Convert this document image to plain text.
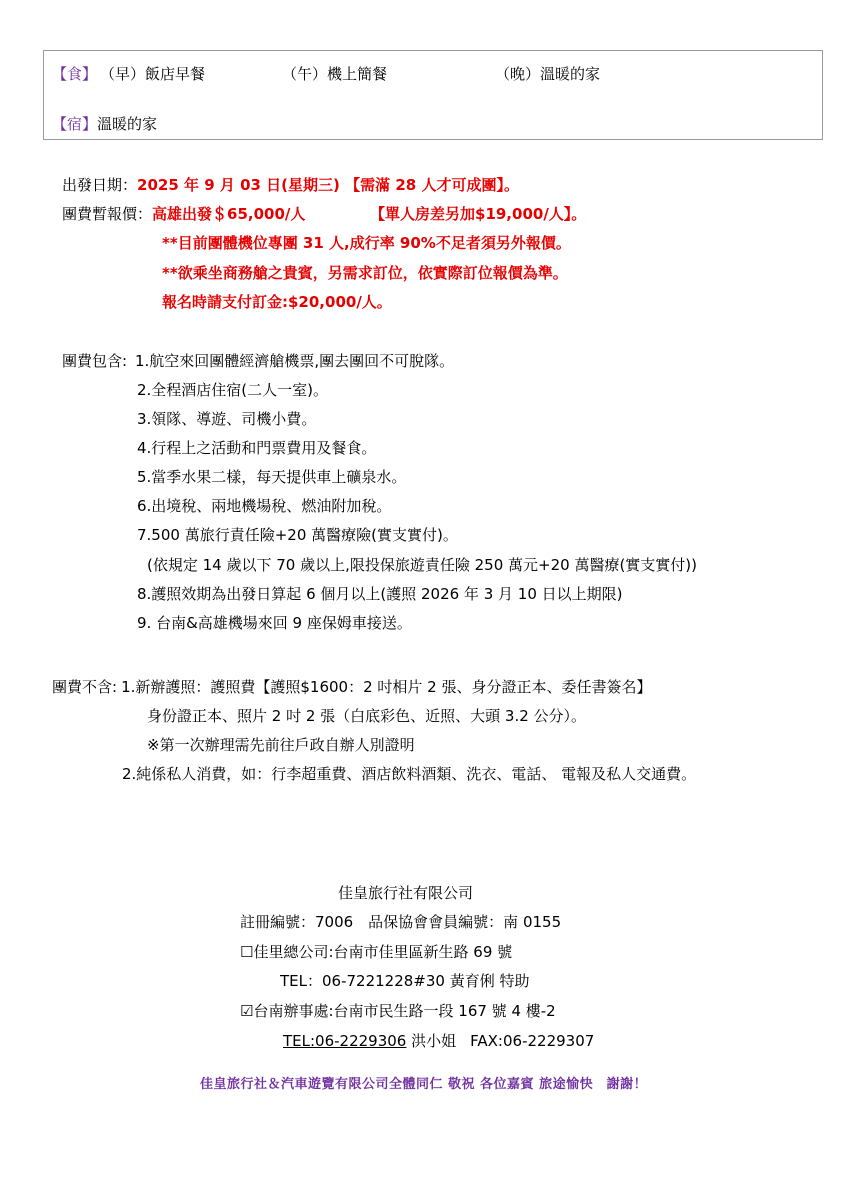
【食】 （早）飯店早餐	（午）機上簡餐	（晚）溫暖的家
【宿】溫暖的家
出發日期：2025 年 9 月 03 日(星期三) 【需滿 28 人才可成團】。
團費暫報價：高雄出發＄65,000/人	【單人房差另加$19,000/人】。
**目前團體機位專團 31 人,成行率 90%不足者須另外報價。
**欲乘坐商務艙之貴賓，另需求訂位，依實際訂位報價為準。
報名時請支付訂金:$20,000/人。
團費包含: 1.航空來回團體經濟艙機票,團去團回不可脫隊。
2.全程酒店住宿(二人一室)。
3.領隊、導遊、司機小費。
4.行程上之活動和門票費用及餐食。
5.當季水果二樣，每天提供車上礦泉水。
6.出境稅、兩地機場稅、燃油附加稅。
7.500 萬旅行責任險+20 萬醫療險(實支實付)。
(依規定 14 歲以下 70 歲以上,限投保旅遊責任險 250 萬元+20 萬醫療(實支實付))
8.護照效期為出發日算起 6 個月以上(護照 2026 年 3 月 10 日以上期限)
9. 台南&高雄機場來回 9 座保姆車接送。
團費不含: 1.新辦護照：護照費【護照$1600：2 吋相片 2 張、身分證正本、委任書簽名】
身份證正本、照片 2 吋 2 張（白底彩色、近照、大頭 3.2 公分）。
※第一次辦理需先前往戶政自辦人別證明
2.純係私人消費，如：行李超重費、酒店飲料酒類、洗衣、電話、 電報及私人交通費。
佳皇旅行社有限公司
註冊編號：7006　品保協會會員編號：南 0155
☐佳里總公司:台南市佳里區新生路 69 號
TEL：06-7221228#30 黃育俐 特助
☑台南辦事處:台南市民生路一段 167 號 4 樓-2
TEL:06-2229306 洪小姐 FAX:06-2229307
佳皇旅行社＆汽車遊覽有限公司全體同仁 敬祝 各位嘉賓 旅途愉快　謝謝！
